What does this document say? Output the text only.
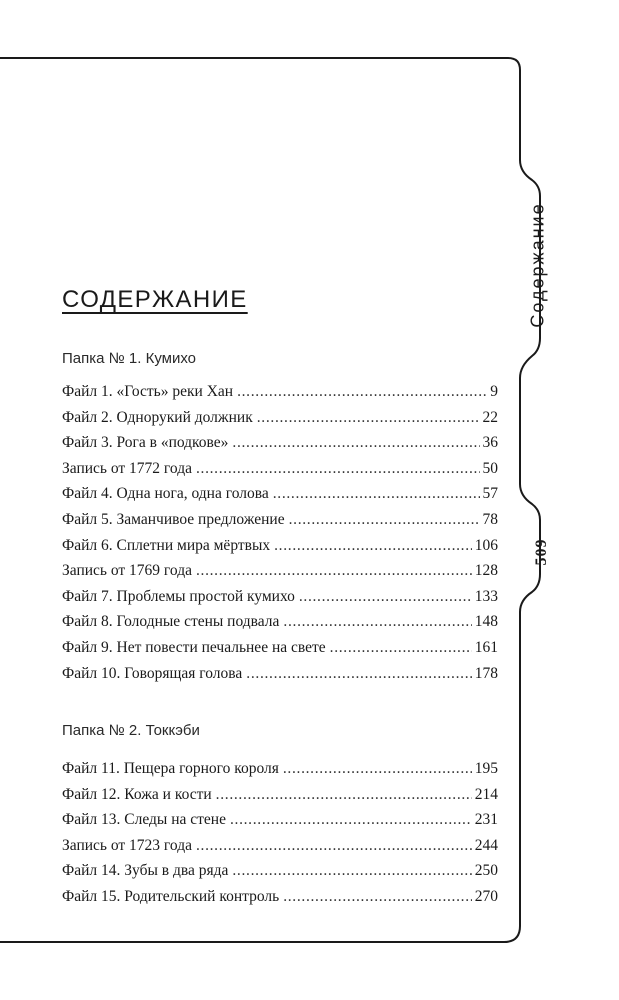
Содержание
509
СОДЕРЖАНИЕ
Папка № 1. Кумихо
Файл 1. «Гость» реки Хан . . .	9
Файл 2. Однорукий должник . . .	22
Файл 3. Рога в «подкове» . . .	36
Запись от 1772 года . . .	50
Файл 4. Одна нога, одна голова . . .	57
Файл 5. Заманчивое предложение . . .	78
Файл 6. Сплетни мира мёртвых . . .	106
Запись от 1769 года . . .	128
Файл 7. Проблемы простой кумихо . . .	133
Файл 8. Голодные стены подвала . . .	148
Файл 9. Нет повести печальнее на свете . . .	161
Файл 10. Говорящая голова . . .	178
Папка № 2. Токкэби
Файл 11. Пещера горного короля . . .	195
Файл 12. Кожа и кости . . .	214
Файл 13. Следы на стене . . .	231
Запись от 1723 года . . .	244
Файл 14. Зубы в два ряда . . .	250
Файл 15. Родительский контроль . . .	270
